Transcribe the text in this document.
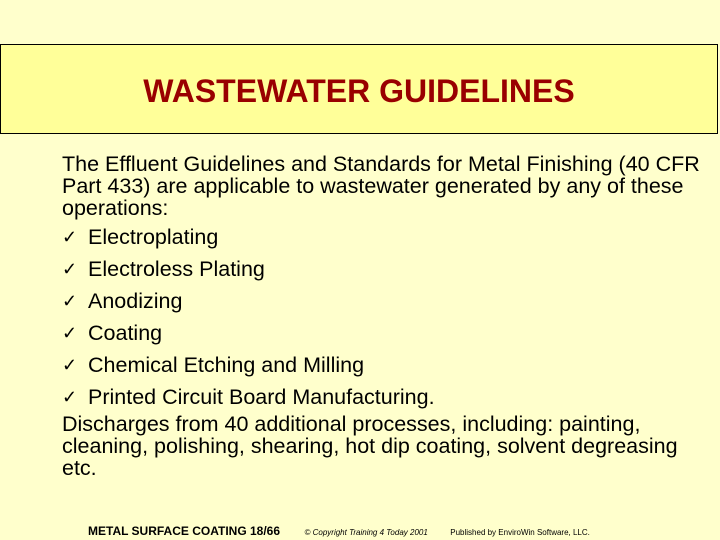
WASTEWATER GUIDELINES
The Effluent Guidelines and Standards for Metal Finishing (40 CFR Part 433) are applicable to wastewater generated by any of these operations:
✓ Electroplating
✓ Electroless Plating
✓ Anodizing
✓ Coating
✓ Chemical Etching and Milling
✓ Printed Circuit Board Manufacturing.
Discharges from 40 additional processes, including: painting, cleaning, polishing, shearing, hot dip coating, solvent degreasing etc.
METAL SURFACE COATING 18/66	© Copyright Training 4 Today 2001	Published by EnviroWin Software, LLC.
